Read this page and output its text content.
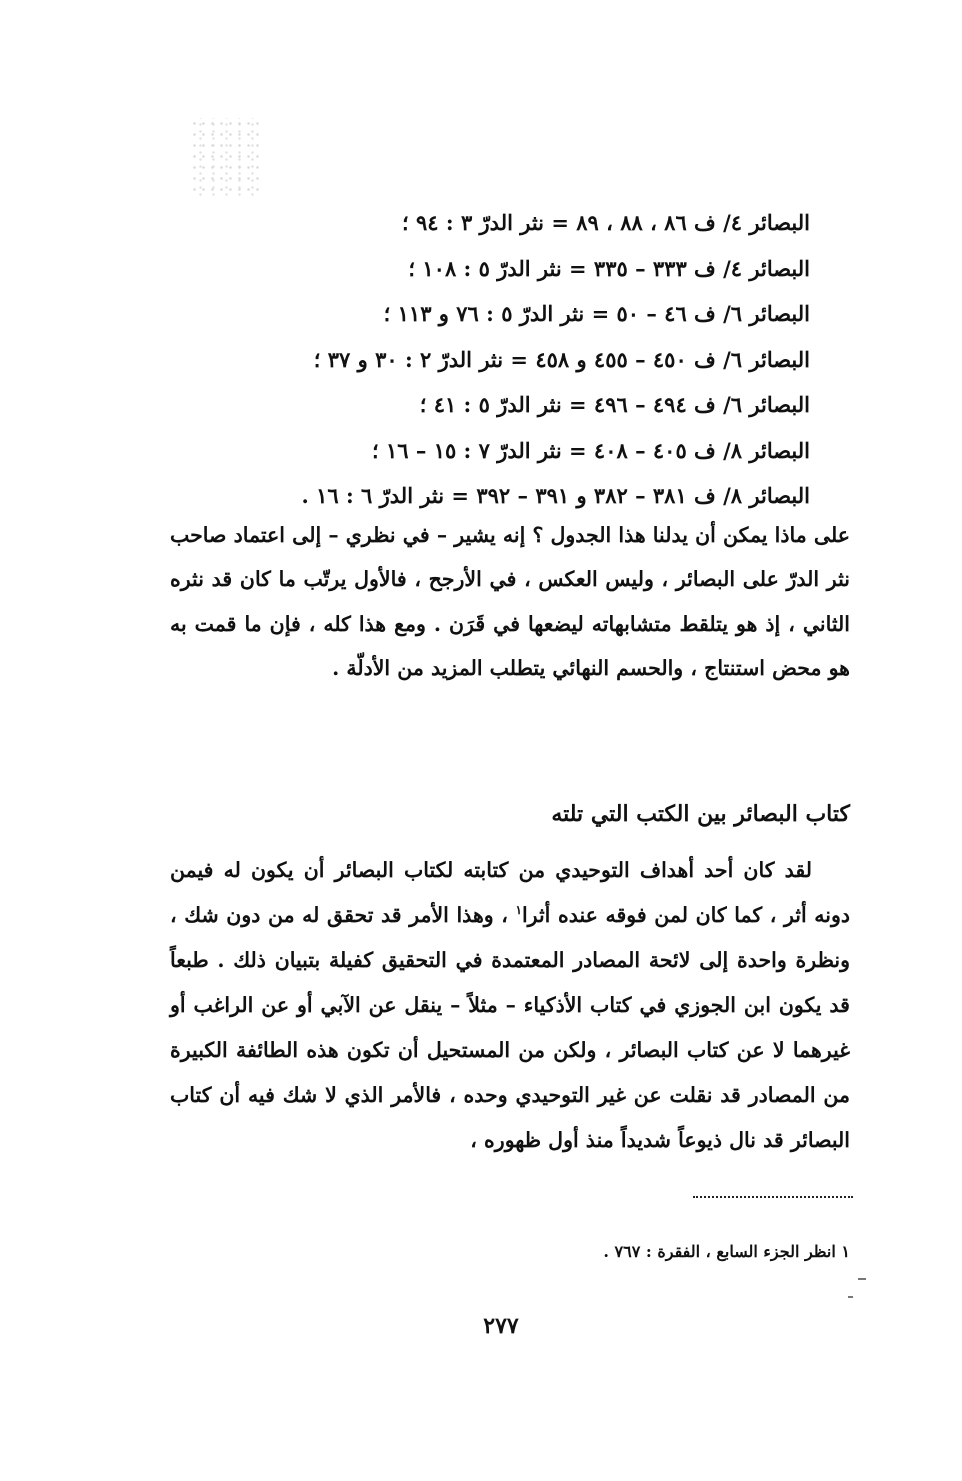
البصائر ٤/ ف ٨٦ ، ٨٨ ، ٨٩ = نثر الدرّ ٣ : ٩٤ ؛
البصائر ٤/ ف ٣٣٣ – ٣٣٥ = نثر الدرّ ٥ : ١٠٨ ؛
البصائر ٦/ ف ٤٦ – ٥٠ = نثر الدرّ ٥ : ٧٦ و ١١٣ ؛
البصائر ٦/ ف ٤٥٠ – ٤٥٥ و ٤٥٨ = نثر الدرّ ٢ : ٣٠ و ٣٧ ؛
البصائر ٦/ ف ٤٩٤ – ٤٩٦ = نثر الدرّ ٥ : ٤١ ؛
البصائر ٨/ ف ٤٠٥ – ٤٠٨ = نثر الدرّ ٧ : ١٥ – ١٦ ؛
البصائر ٨/ ف ٣٨١ – ٣٨٢ و ٣٩١ – ٣٩٢ = نثر الدرّ ٦ : ١٦ .

على ماذا يمكن أن يدلنا هذا الجدول ؟ إنه يشير – في نظري – إلى اعتماد صاحب نثر الدرّ على البصائر ، وليس العكس ، في الأرجح ، فالأول يرتّب ما كان قد نثره الثاني ، إذ هو يتلقط متشابهاته ليضعها في قَرَن . ومع هذا كله ، فإن ما قمت به هو محض استنتاج ، والحسم النهائي يتطلب المزيد من الأدلّة .

كتاب البصائر بين الكتب التي تلته

لقد كان أحد أهداف التوحيدي من كتابته لكتاب البصائر أن يكون له فيمن دونه أثر ، كما كان لمن فوقه عنده أثرا$^١$ ، وهذا الأمر قد تحقق له من دون شك ، ونظرة واحدة إلى لائحة المصادر المعتمدة في التحقيق كفيلة بتبيان ذلك . طبعاً قد يكون ابن الجوزي في كتاب الأذكياء – مثلاً – ينقل عن الآبي أو عن الراغب أو غيرهما لا عن كتاب البصائر ، ولكن من المستحيل أن تكون هذه الطائفة الكبيرة من المصادر قد نقلت عن غير التوحيدي وحده ، فالأمر الذي لا شك فيه أن كتاب البصائر قد نال ذيوعاً شديداً منذ أول ظهوره ،

١ انظر الجزء السابع ، الفقرة : ٧٦٧ .
٢٧٧
